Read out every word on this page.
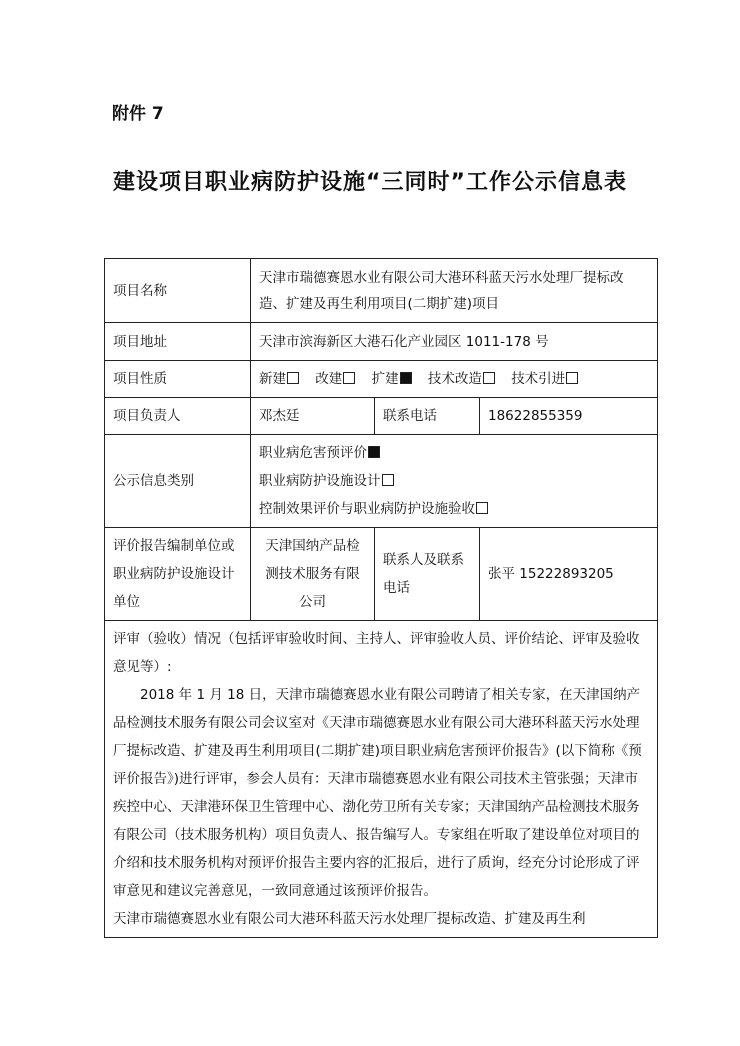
附件 7
建设项目职业病防护设施“三同时”工作公示信息表
项目名称	天津市瑞德赛恩水业有限公司大港环科蓝天污水处理厂提标改造、扩建及再生利用项目(二期扩建)项目		
项目地址	天津市滨海新区大港石化产业园区 1011-178 号		
项目性质	新建 改建 扩建 技术改造 技术引进		
项目负责人	邓杰廷	联系电话	18622855359
公示信息类别	职业病危害预评价
职业病防护设施设计
控制效果评价与职业病防护设施验收		

评价报告编制单位或职业病防护设施设计单位	天津国纳产品检测技术服务有限公司	联系人及联系电话	张平 15222893205

评审（验收）情况（包括评审验收时间、主持人、评审验收人员、评价结论、评审及验收意见等）:

2018 年 1 月 18 日，天津市瑞德赛恩水业有限公司聘请了相关专家，在天津国纳产品检测技术服务有限公司会议室对《天津市瑞德赛恩水业有限公司大港环科蓝天污水处理厂提标改造、扩建及再生利用项目(二期扩建)项目职业病危害预评价报告》(以下简称《预评价报告》)进行评审，参会人员有：天津市瑞德赛恩水业有限公司技术主管张强；天津市疾控中心、天津港环保卫生管理中心、渤化劳卫所有关专家；天津国纳产品检测技术服务有限公司（技术服务机构）项目负责人、报告编写人。专家组在听取了建设单位对项目的介绍和技术服务机构对预评价报告主要内容的汇报后，进行了质询，经充分讨论形成了评审意见和建议完善意见，一致同意通过该预评价报告。

天津市瑞德赛恩水业有限公司大港环科蓝天污水处理厂提标改造、扩建及再生利			
